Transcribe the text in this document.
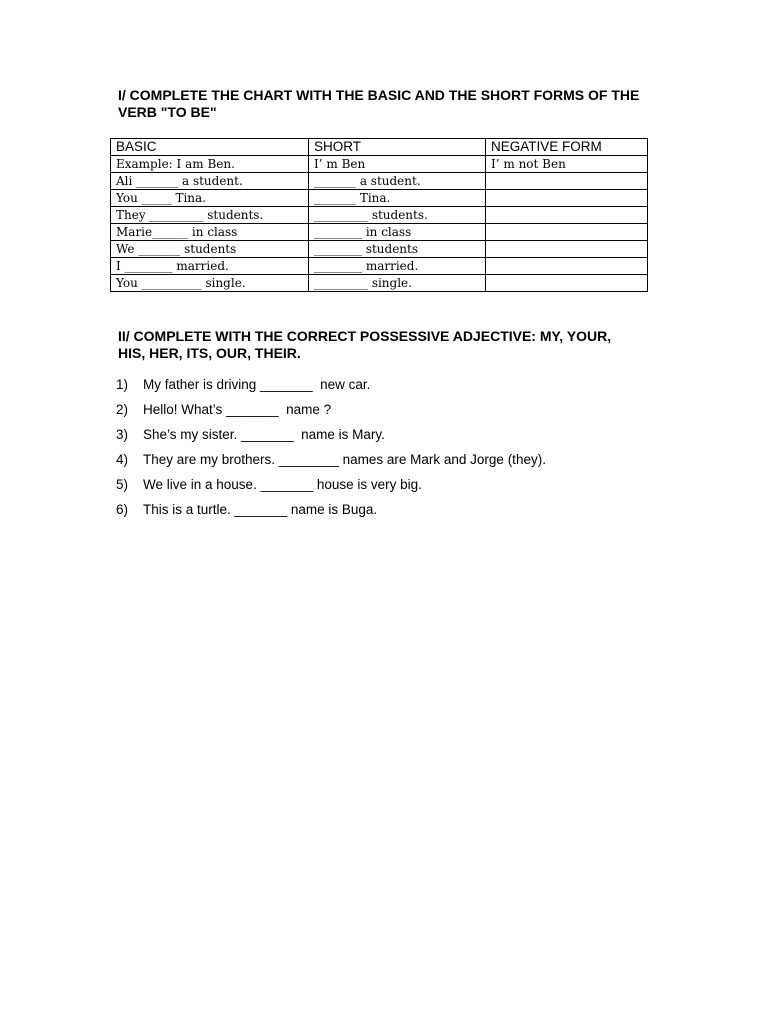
I/ COMPLETE THE CHART WITH THE BASIC AND THE SHORT FORMS OF THE VERB "TO BE"

BASIC	SHORT	NEGATIVE FORM
Example: I am Ben.	I’ m Ben	I’ m not Ben
Ali _______ a student.	_______ a student.	
You _____ Tina.	_______ Tina.	
They _________ students.	_________ students.	
Marie______ in class	________ in class	
We _______ students	________ students	
I ________ married.	________ married.	
You __________ single.	_________ single.	

II/ COMPLETE WITH THE CORRECT POSSESSIVE ADJECTIVE: MY, YOUR, HIS, HER, ITS, OUR, THEIR.

1) My father is driving _______  new car.
2) Hello! What’s _______  name ?
3) She’s my sister. _______  name is Mary.
4) They are my brothers. ________ names are Mark and Jorge (they).
5) We live in a house. _______ house is very big.
6) This is a turtle. _______ name is Buga.
